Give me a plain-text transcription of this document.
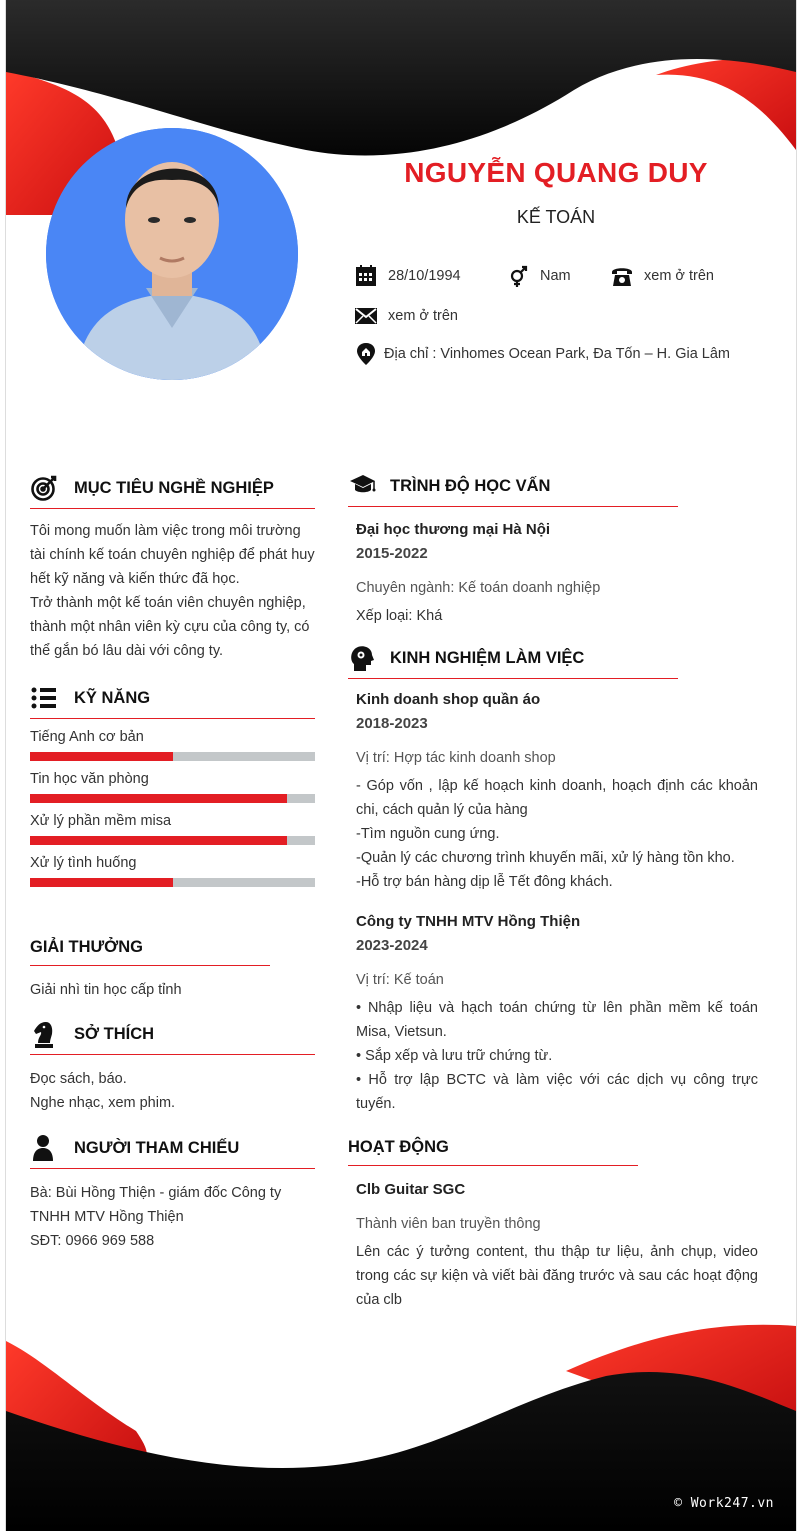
NGUYỄN QUANG DUY
KẾ TOÁN
28/10/1994	Nam	xem ở trên
xem ở trên
Địa chỉ : Vinhomes Ocean Park, Đa Tốn – H. Gia Lâm
MỤC TIÊU NGHỀ NGHIỆP
Tôi mong muốn làm việc trong môi trường
tài chính kế toán chuyên nghiệp để phát huy
hết kỹ năng và kiến thức đã học.
Trở thành một kế toán viên chuyên nghiệp,
thành một nhân viên kỳ cựu của công ty, có
thể gắn bó lâu dài với công ty.
KỸ NĂNG
Tiếng Anh cơ bản
Tin học văn phòng
Xử lý phần mềm misa
Xử lý tình huống
GIẢI THƯỞNG
Giải nhì tin học cấp tỉnh
SỞ THÍCH
Đọc sách, báo.
Nghe nhạc, xem phim.
NGƯỜI THAM CHIẾU
Bà: Bùi Hồng Thiện - giám đốc Công ty
TNHH MTV Hồng Thiện
SĐT: 0966 969 588
TRÌNH ĐỘ HỌC VẤN
Đại học thương mại Hà Nội
2015-2022
Chuyên ngành: Kế toán doanh nghiệp
Xếp loại: Khá
KINH NGHIỆM LÀM VIỆC
Kinh doanh shop quần áo
2018-2023
Vị trí: Hợp tác kinh doanh shop
- Góp vốn , lập kế hoạch kinh doanh, hoạch định các khoản chi, cách quản lý của hàng
-Tìm nguồn cung ứng.
-Quản lý các chương trình khuyến mãi, xử lý hàng tồn kho.
-Hỗ trợ bán hàng dịp lễ Tết đông khách.
Công ty TNHH MTV Hồng Thiện
2023-2024
Vị trí: Kế toán
• Nhập liệu và hạch toán chứng từ lên phần mềm kế toán Misa, Vietsun.
• Sắp xếp và lưu trữ chứng từ.
• Hỗ trợ lập BCTC và làm việc với các dịch vụ công trực tuyến.
HOẠT ĐỘNG
Clb Guitar SGC
Thành viên ban truyền thông
Lên các ý tưởng content, thu thập tư liệu, ảnh chụp, video trong các sự kiện và viết bài đăng trước và sau các hoạt động của clb
© Work247.vn
